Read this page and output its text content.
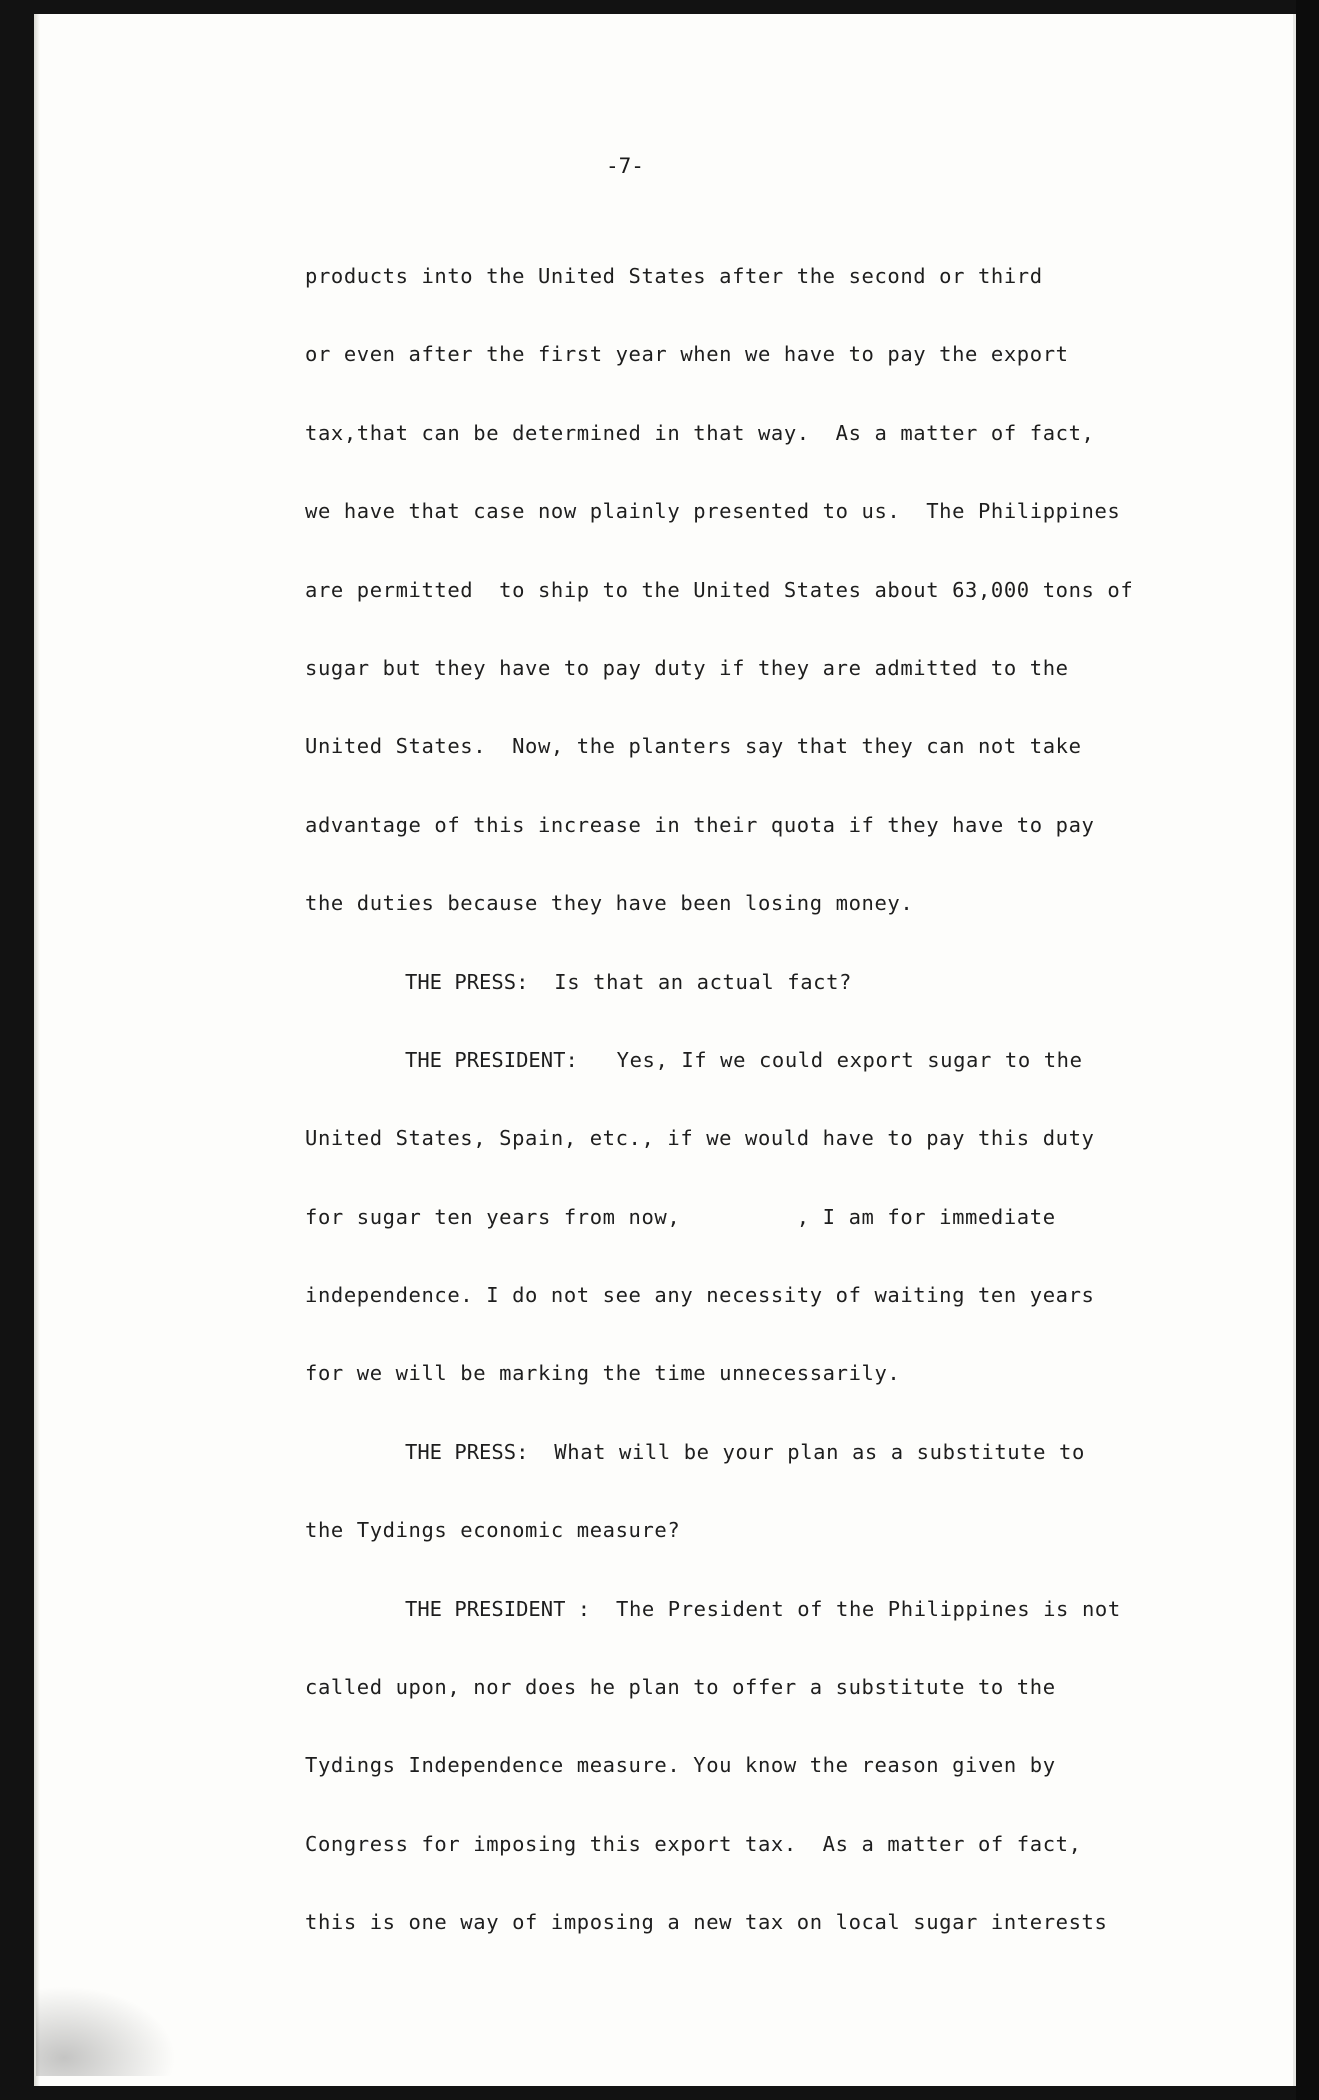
-7-
products into the United States after the second or third
or even after the first year when we have to pay the export
tax,that can be determined in that way.  As a matter of fact,
we have that case now plainly presented to us.  The Philippines
are permitted  to ship to the United States about 63,000 tons of
sugar but they have to pay duty if they are admitted to the
United States.  Now, the planters say that they can not take
advantage of this increase in their quota if they have to pay
the duties because they have been losing money.
THE PRESS:  Is that an actual fact?
THE PRESIDENT:   Yes, If we could export sugar to the
United States, Spain, etc., if we would have to pay this duty
for sugar ten years from now,         , I am for immediate
independence. I do not see any necessity of waiting ten years
for we will be marking the time unnecessarily.
THE PRESS:  What will be your plan as a substitute to
the Tydings economic measure?
THE PRESIDENT :  The President of the Philippines is not
called upon, nor does he plan to offer a substitute to the
Tydings Independence measure. You know the reason given by
Congress for imposing this export tax.  As a matter of fact,
this is one way of imposing a new tax on local sugar interests
